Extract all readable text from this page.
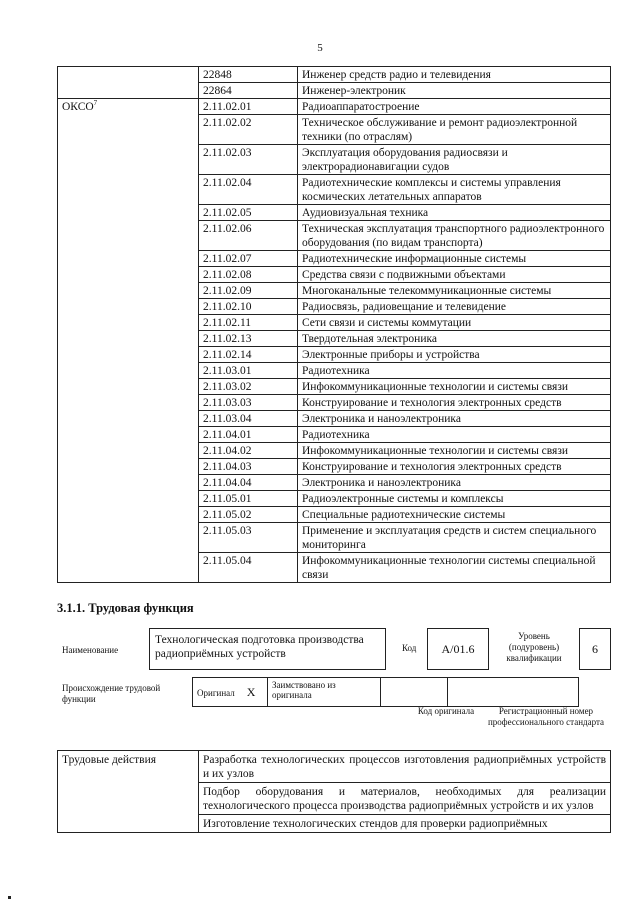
5
	22848	Инженер средств радио и телевидения
	22864	Инженер-электроник
ОКСО$^7$	2.11.02.01	Радиоаппаратостроение
	2.11.02.02	Техническое обслуживание и ремонт радиоэлектронной техники (по отраслям)
	2.11.02.03	Эксплуатация оборудования радиосвязи и электрорадионавигации судов
	2.11.02.04	Радиотехнические комплексы и системы управления космических летательных аппаратов
	2.11.02.05	Аудиовизуальная техника
	2.11.02.06	Техническая эксплуатация транспортного радиоэлектронного оборудования (по видам транспорта)
	2.11.02.07	Радиотехнические информационные системы
	2.11.02.08	Средства связи с подвижными объектами
	2.11.02.09	Многоканальные телекоммуникационные системы
	2.11.02.10	Радиосвязь, радиовещание и телевидение
	2.11.02.11	Сети связи и системы коммутации
	2.11.02.13	Твердотельная электроника
	2.11.02.14	Электронные приборы и устройства
	2.11.03.01	Радиотехника
	2.11.03.02	Инфокоммуникационные технологии и системы связи
	2.11.03.03	Конструирование и технология электронных средств
	2.11.03.04	Электроника и наноэлектроника
	2.11.04.01	Радиотехника
	2.11.04.02	Инфокоммуникационные технологии и системы связи
	2.11.04.03	Конструирование и технология электронных средств
	2.11.04.04	Электроника и наноэлектроника
	2.11.05.01	Радиоэлектронные системы и комплексы
	2.11.05.02	Специальные радиотехнические системы
	2.11.05.03	Применение и эксплуатация средств и систем специального мониторинга
	2.11.05.04	Инфокоммуникационные технологии системы специальной связи
3.1.1. Трудовая функция
Наименование
Технологическая подготовка производства радиоприёмных устройств	Код	A/01.6
Уровень (подуровень) квалификации
6
Происхождение трудовой функции
Оригинал X	Заимствовано из оригинала		
Код оригинала	Регистрационный номер профессионального стандарта
Трудовые действия	Разработка технологических процессов изготовления радиоприёмных устройств и их узлов
Подбор оборудования и материалов, необходимых для реализации технологического процесса производства радиоприёмных устройств и их узлов
Изготовление технологических стендов для проверки радиоприёмных
